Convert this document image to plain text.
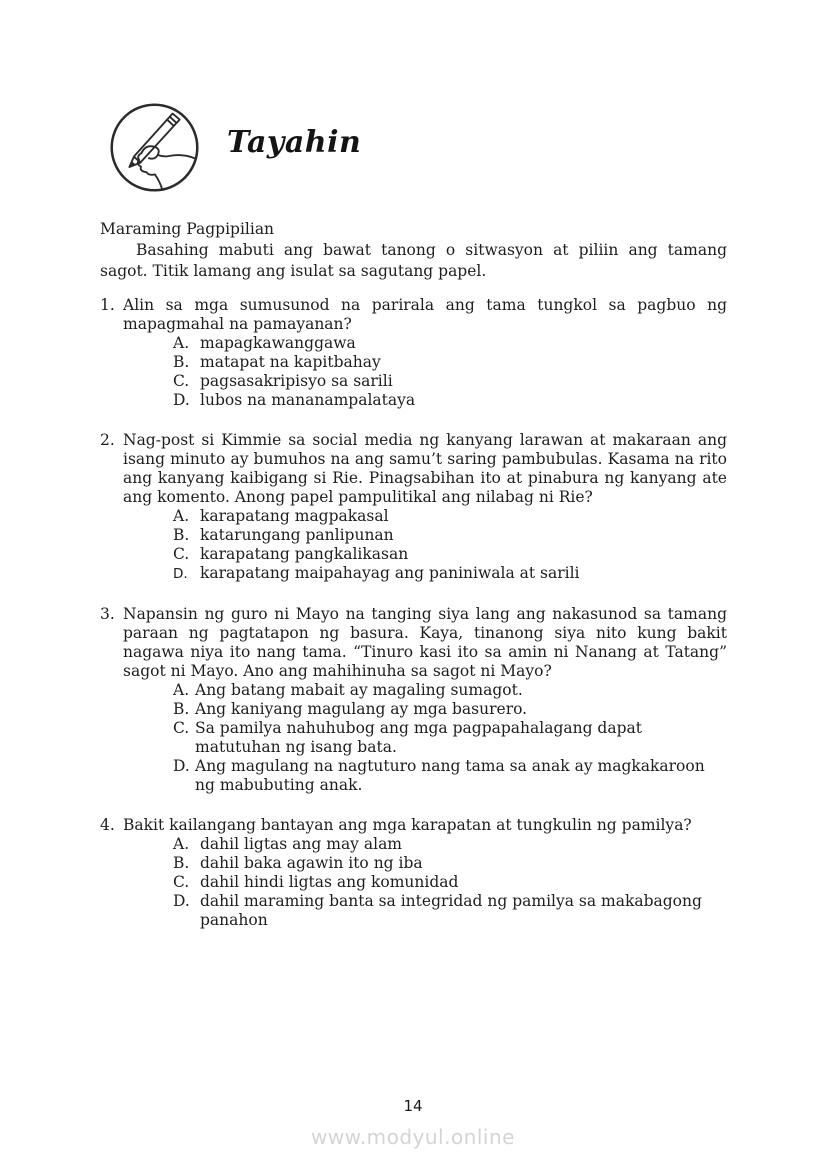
Tayahin
Maraming Pagpipilian

Basahing mabuti ang bawat tanong o sitwasyon at piliin ang tamang sagot. Titik lamang ang isulat sa sagutang papel.

1. Alin sa mga sumusunod na parirala ang tama tungkol sa pagbuo ng mapagmahal na pamayanan?

A. mapagkawanggawa
B. matapat na kapitbahay
C. pagsasakripisyo sa sarili
D. lubos na mananampalataya
2. Nag-post si Kimmie sa social media ng kanyang larawan at makaraan ang isang minuto ay bumuhos na ang samu’t saring pambubulas. Kasama na rito ang kanyang kaibigang si Rie. Pinagsabihan ito at pinabura ng kanyang ate ang komento. Anong papel pampulitikal ang nilabag ni Rie?

A. karapatang magpakasal
B. katarungang panlipunan
C. karapatang pangkalikasan
D. karapatang maipahayag ang paniniwala at sarili
3. Napansin ng guro ni Mayo na tanging siya lang ang nakasunod sa tamang paraan ng pagtatapon ng basura. Kaya, tinanong siya nito kung bakit nagawa niya ito nang tama. “Tinuro kasi ito sa amin ni Nanang at Tatang” sagot ni Mayo. Ano ang mahihinuha sa sagot ni Mayo?

A. Ang batang mabait ay magaling sumagot.
B. Ang kaniyang magulang ay mga basurero.
C. Sa pamilya nahuhubog ang mga pagpapahalagang dapat matutuhan ng isang bata.
D. Ang magulang na nagtuturo nang tama sa anak ay magkakaroon ng mabubuting anak.
4. Bakit kailangang bantayan ang mga karapatan at tungkulin ng pamilya?

A. dahil ligtas ang may alam
B. dahil baka agawin ito ng iba
C. dahil hindi ligtas ang komunidad
D. dahil maraming banta sa integridad ng pamilya sa makabagong panahon
14
www.modyul.online
